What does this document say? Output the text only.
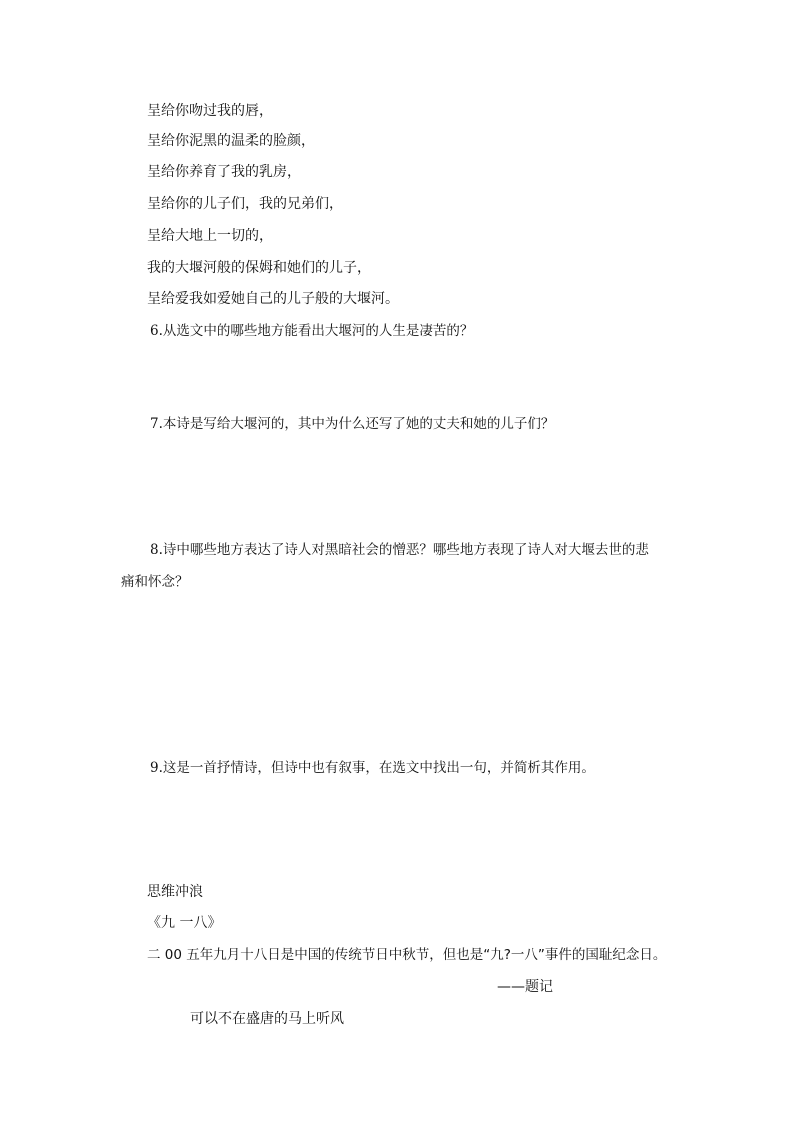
呈给你吻过我的唇，
呈给你泥黑的温柔的脸颜，
呈给你养育了我的乳房，
呈给你的儿子们，我的兄弟们，
呈给大地上一切的，
我的大堰河般的保姆和她们的儿子，
呈给爱我如爱她自己的儿子般的大堰河。
6.从选文中的哪些地方能看出大堰河的人生是凄苦的？
7.本诗是写给大堰河的，其中为什么还写了她的丈夫和她的儿子们？
8.诗中哪些地方表达了诗人对黑暗社会的憎恶？哪些地方表现了诗人对大堰去世的悲
痛和怀念？
9.这是一首抒情诗，但诗中也有叙事，在选文中找出一句，并简析其作用。
思维冲浪
《九 一八》
二 00 五年九月十八日是中国的传统节日中秋节，但也是“九?一八”事件的国耻纪念日。
——题记
可以不在盛唐的马上听风
